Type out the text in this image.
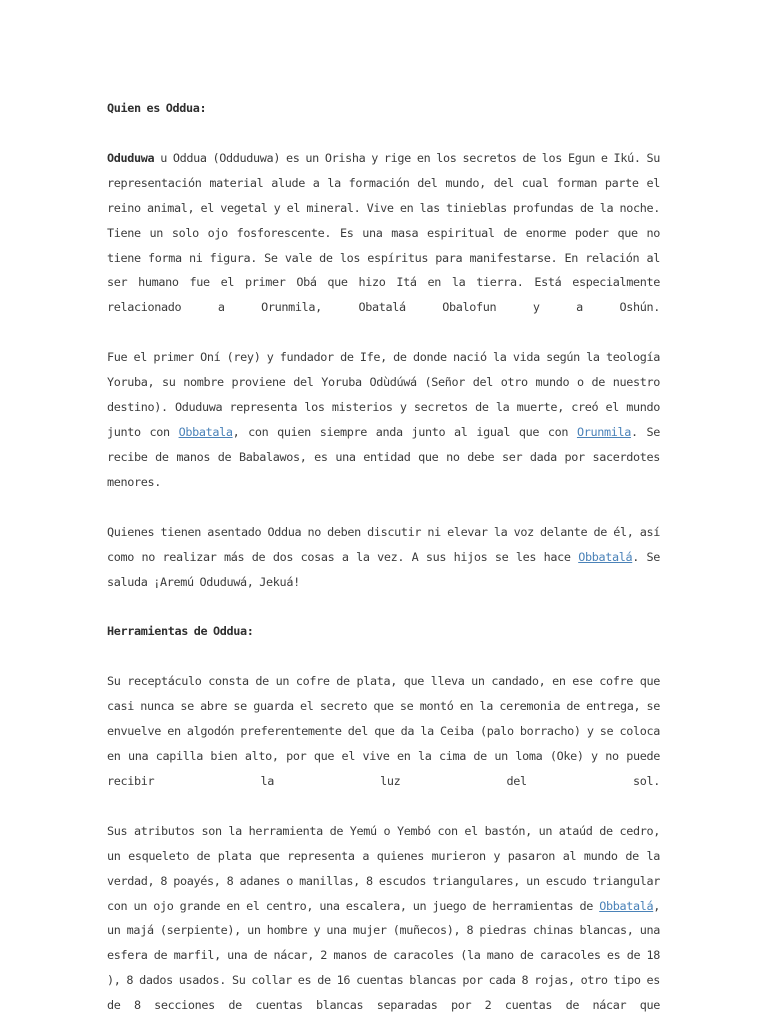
Quien es Oddua:

Oduduwa u Oddua (Odduduwa) es un Orisha y rige en los secretos de los Egun e Ikú. Su representación material alude a la formación del mundo, del cual forman parte el reino animal, el vegetal y el mineral. Vive en las tinieblas profundas de la noche. Tiene un solo ojo fosforescente. Es una masa espiritual de enorme poder que no tiene forma ni figura. Se vale de los espíritus para manifestarse. En relación al ser humano fue el primer Obá que hizo Itá en la tierra. Está especialmente relacionado a Orunmila, Obatalá Obalofun y a Oshún.

Fue el primer Oní (rey) y fundador de Ife, de donde nació la vida según la teología Yoruba, su nombre proviene del Yoruba Odùdúwá (Señor del otro mundo o de nuestro destino). Oduduwa representa los misterios y secretos de la muerte, creó el mundo junto con Obbatala, con quien siempre anda junto al igual que con Orunmila. Se recibe de manos de Babalawos, es una entidad que no debe ser dada por sacerdotes menores.

Quienes tienen asentado Oddua no deben discutir ni elevar la voz delante de él, así como no realizar más de dos cosas a la vez. A sus hijos se les hace Obbatalá. Se saluda ¡Aremú Oduduwá, Jekuá!

Herramientas de Oddua:

Su receptáculo consta de un cofre de plata, que lleva un candado, en ese cofre que casi nunca se abre se guarda el secreto que se montó en la ceremonia de entrega, se envuelve en algodón preferentemente del que da la Ceiba (palo borracho) y se coloca en una capilla bien alto, por que el vive en la cima de un loma (Oke) y no puede recibir la luz del sol.

Sus atributos son la herramienta de Yemú o Yembó con el bastón, un ataúd de cedro, un esqueleto de plata que representa a quienes murieron y pasaron al mundo de la verdad, 8 poayés, 8 adanes o manillas, 8 escudos triangulares, un escudo triangular con un ojo grande en el centro, una escalera, un juego de herramientas de Obbatalá, un majá (serpiente), un hombre y una mujer (muñecos), 8 piedras chinas blancas, una esfera de marfil, una de nácar, 2 manos de caracoles (la mano de caracoles es de 18 ), 8 dados usados. Su collar es de 16 cuentas blancas por cada 8 rojas, otro tipo es de 8 secciones de cuentas blancas separadas por 2 cuentas de nácar que
